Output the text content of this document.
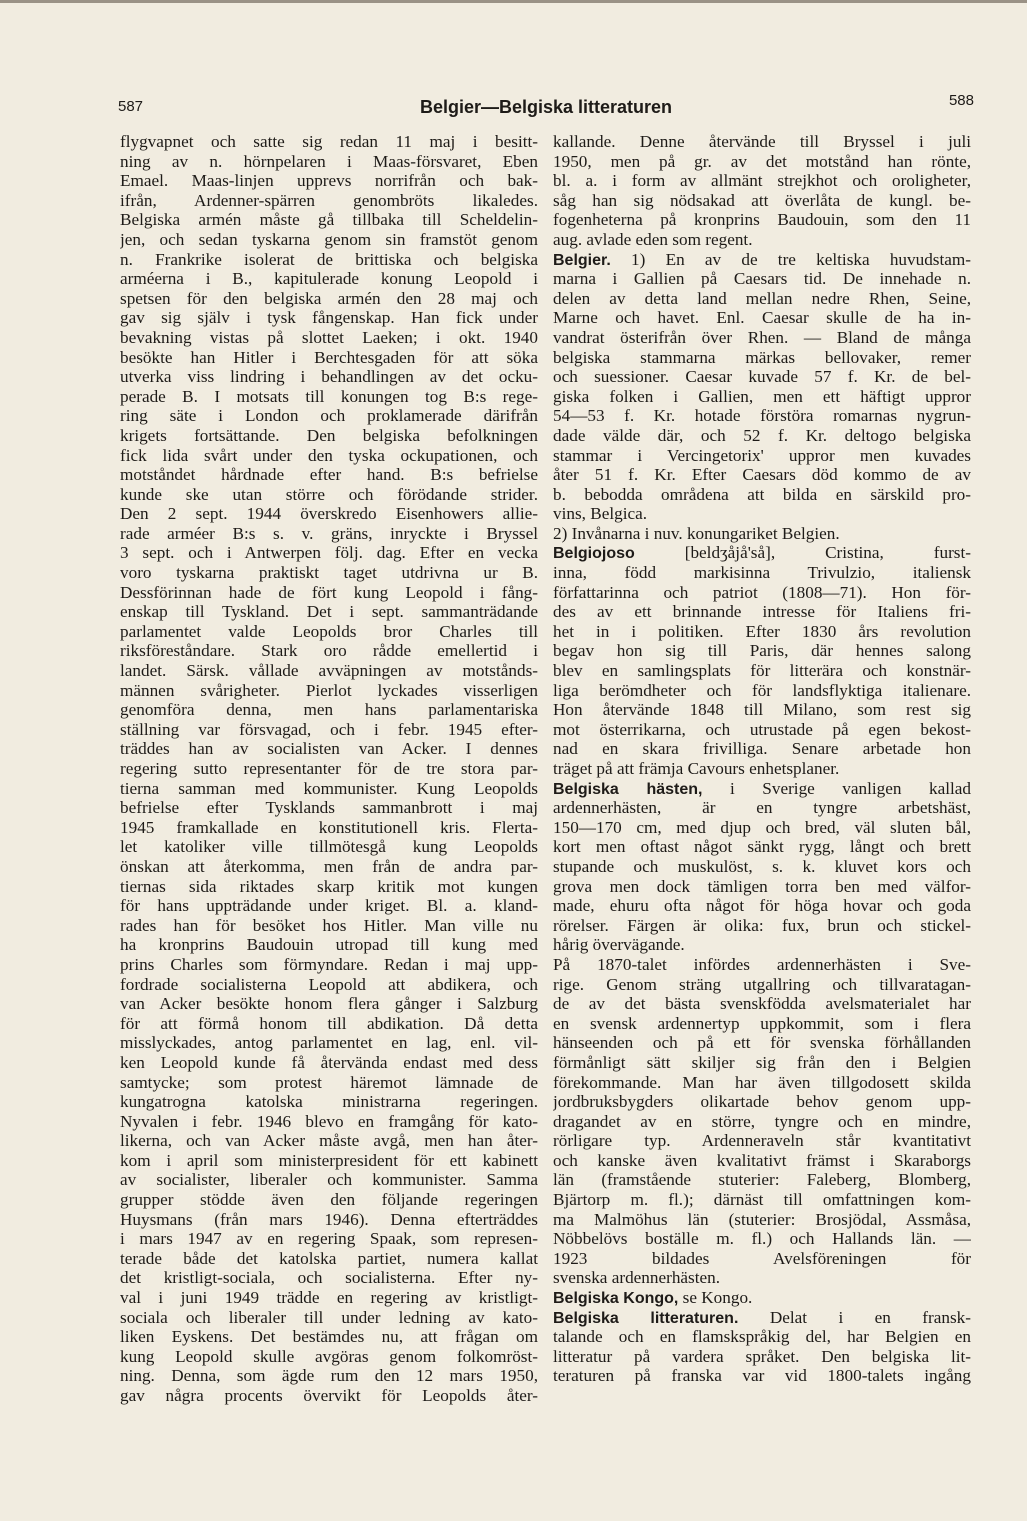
587	Belgier—Belgiska litteraturen	588
flygvapnet och satte sig redan 11 maj i besitt-
ning av n. hörnpelaren i Maas-försvaret, Eben
Emael. Maas-linjen upprevs norrifrån och bak-
ifrån, Ardenner-spärren genombröts likaledes.
Belgiska armén måste gå tillbaka till Scheldelin-
jen, och sedan tyskarna genom sin framstöt genom
n. Frankrike isolerat de brittiska och belgiska
arméerna i B., kapitulerade konung Leopold i
spetsen för den belgiska armén den 28 maj och
gav sig själv i tysk fångenskap. Han fick under
bevakning vistas på slottet Laeken; i okt. 1940
besökte han Hitler i Berchtesgaden för att söka
utverka viss lindring i behandlingen av det ocku-
perade B. I motsats till konungen tog B:s rege-
ring säte i London och proklamerade därifrån
krigets fortsättande. Den belgiska befolkningen
fick lida svårt under den tyska ockupationen, och
motståndet hårdnade efter hand. B:s befrielse
kunde ske utan större och förödande strider.
Den 2 sept. 1944 överskredo Eisenhowers allie-
rade arméer B:s s. v. gräns, inryckte i Bryssel
3 sept. och i Antwerpen följ. dag. Efter en vecka
voro tyskarna praktiskt taget utdrivna ur B.
Dessförinnan hade de fört kung Leopold i fång-
enskap till Tyskland. Det i sept. sammanträdande
parlamentet valde Leopolds bror Charles till
riksföreståndare. Stark oro rådde emellertid i
landet. Särsk. vållade avväpningen av motstånds-
männen svårigheter. Pierlot lyckades visserligen
genomföra denna, men hans parlamentariska
ställning var försvagad, och i febr. 1945 efter-
träddes han av socialisten van Acker. I dennes
regering sutto representanter för de tre stora par-
tierna samman med kommunister. Kung Leopolds
befrielse efter Tysklands sammanbrott i maj
1945 framkallade en konstitutionell kris. Flerta-
let katoliker ville tillmötesgå kung Leopolds
önskan att återkomma, men från de andra par-
tiernas sida riktades skarp kritik mot kungen
för hans uppträdande under kriget. Bl. a. kland-
rades han för besöket hos Hitler. Man ville nu
ha kronprins Baudouin utropad till kung med
prins Charles som förmyndare. Redan i maj upp-
fordrade socialisterna Leopold att abdikera, och
van Acker besökte honom flera gånger i Salzburg
för att förmå honom till abdikation. Då detta
misslyckades, antog parlamentet en lag, enl. vil-
ken Leopold kunde få återvända endast med dess
samtycke; som protest häremot lämnade de
kungatrogna katolska ministrarna regeringen.
Nyvalen i febr. 1946 blevo en framgång för kato-
likerna, och van Acker måste avgå, men han åter-
kom i april som ministerpresident för ett kabinett
av socialister, liberaler och kommunister. Samma
grupper stödde även den följande regeringen
Huysmans (från mars 1946). Denna efterträddes
i mars 1947 av en regering Spaak, som represen-
terade både det katolska partiet, numera kallat
det kristligt-sociala, och socialisterna. Efter ny-
val i juni 1949 trädde en regering av kristligt-
sociala och liberaler till under ledning av kato-
liken Eyskens. Det bestämdes nu, att frågan om
kung Leopold skulle avgöras genom folkomröst-
ning. Denna, som ägde rum den 12 mars 1950,
gav några procents övervikt för Leopolds åter-
kallande. Denne återvände till Bryssel i juli
1950, men på gr. av det motstånd han rönte,
bl. a. i form av allmänt strejkhot och oroligheter,
såg han sig nödsakad att överlåta de kungl. be-
fogenheterna på kronprins Baudouin, som den 11
aug. avlade eden som regent.
Belgier. 1) En av de tre keltiska huvudstam-
marna i Gallien på Caesars tid. De innehade n.
delen av detta land mellan nedre Rhen, Seine,
Marne och havet. Enl. Caesar skulle de ha in-
vandrat österifrån över Rhen. — Bland de många
belgiska stammarna märkas bellovaker, remer
och suessioner. Caesar kuvade 57 f. Kr. de bel-
giska folken i Gallien, men ett häftigt uppror
54—53 f. Kr. hotade förstöra romarnas nygrun-
dade välde där, och 52 f. Kr. deltogo belgiska
stammar i Vercingetorix' uppror men kuvades
åter 51 f. Kr. Efter Caesars död kommo de av
b. bebodda områdena att bilda en särskild pro-
vins, Belgica.
2) Invånarna i nuv. konungariket Belgien.
Belgiojoso [beldʒåjå'så], Cristina, furst-
inna, född markisinna Trivulzio, italiensk
författarinna och patriot (1808—71). Hon för-
des av ett brinnande intresse för Italiens fri-
het in i politiken. Efter 1830 års revolution
begav hon sig till Paris, där hennes salong
blev en samlingsplats för litterära och konstnär-
liga berömdheter och för landsflyktiga italienare.
Hon återvände 1848 till Milano, som rest sig
mot österrikarna, och utrustade på egen bekost-
nad en skara frivilliga. Senare arbetade hon
träget på att främja Cavours enhetsplaner.
Belgiska hästen, i Sverige vanligen kallad
ardennerhästen, är en tyngre arbetshäst,
150—170 cm, med djup och bred, väl sluten bål,
kort men oftast något sänkt rygg, långt och brett
stupande och muskulöst, s. k. kluvet kors och
grova men dock tämligen torra ben med välfor-
made, ehuru ofta något för höga hovar och goda
rörelser. Färgen är olika: fux, brun och stickel-
hårig övervägande.
På 1870-talet infördes ardennerhästen i Sve-
rige. Genom sträng utgallring och tillvaratagan-
de av det bästa svenskfödda avelsmaterialet har
en svensk ardennertyp uppkommit, som i flera
hänseenden och på ett för svenska förhållanden
förmånligt sätt skiljer sig från den i Belgien
förekommande. Man har även tillgodosett skilda
jordbruksbygders olikartade behov genom upp-
dragandet av en större, tyngre och en mindre,
rörligare typ. Ardenneraveln står kvantitativt
och kanske även kvalitativt främst i Skaraborgs
län (framstående stuterier: Faleberg, Blomberg,
Bjärtorp m. fl.); därnäst till omfattningen kom-
ma Malmöhus län (stuterier: Brosjödal, Assmåsa,
Nöbbelövs boställe m. fl.) och Hallands län. —
1923 bildades Avelsföreningen för
svenska ardennerhästen.
Belgiska Kongo, se Kongo.
Belgiska litteraturen. Delat i en fransk-
talande och en flamskspråkig del, har Belgien en
litteratur på vardera språket. Den belgiska lit-
teraturen på franska var vid 1800-talets ingång
